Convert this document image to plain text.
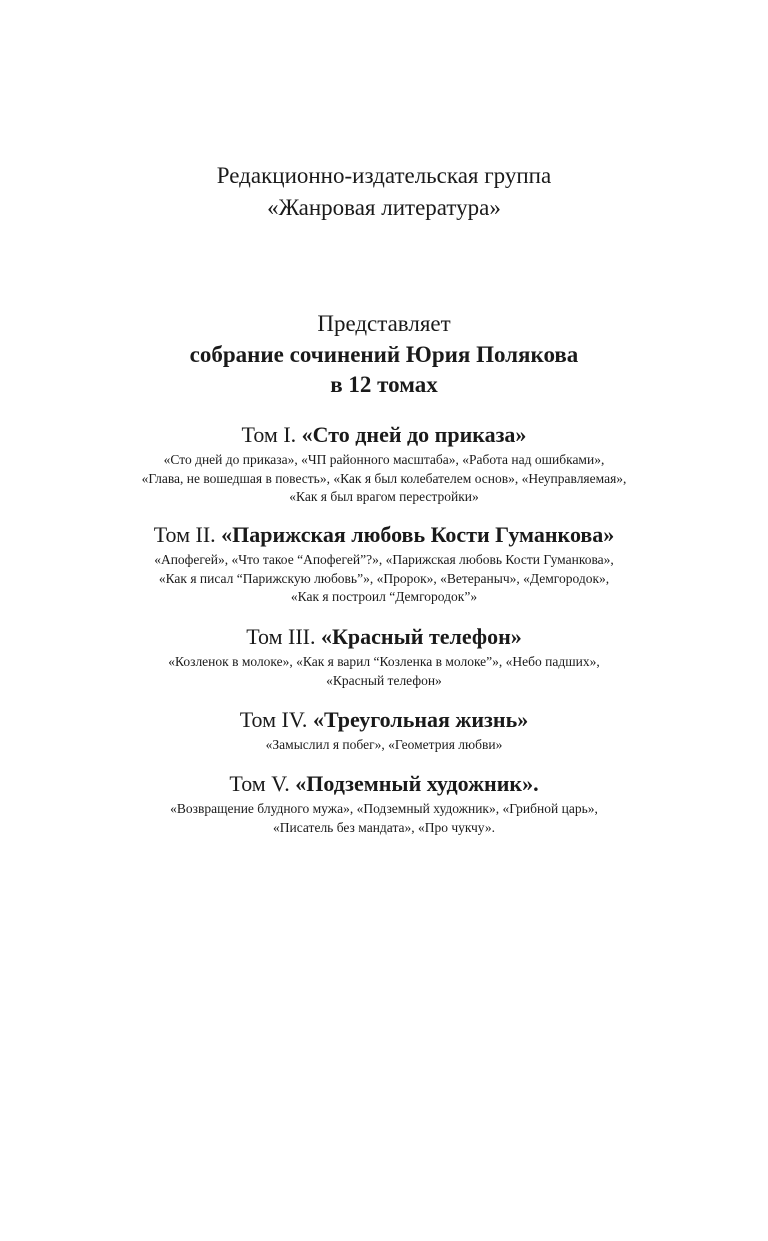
Редакционно-издательская группа
«Жанровая литература»
Представляет
собрание сочинений Юрия Полякова
в 12 томах
Том I. «Сто дней до приказа»
«Сто дней до приказа», «ЧП районного масштаба», «Работа над ошибками»,
«Глава, не вошедшая в повесть», «Как я был колебателем основ», «Неуправляемая»,
«Как я был врагом перестройки»
Том II. «Парижская любовь Кости Гуманкова»
«Апофегей», «Что такое “Апофегей”?», «Парижская любовь Кости Гуманкова»,
«Как я писал “Парижскую любовь”», «Пророк», «Ветераныч», «Демгородок»,
«Как я построил “Демгородок”»
Том III. «Красный телефон»
«Козленок в молоке», «Как я варил “Козленка в молоке”», «Небо падших»,
«Красный телефон»
Том IV. «Треугольная жизнь»
«Замыслил я побег», «Геометрия любви»
Том V. «Подземный художник».
«Возвращение блудного мужа», «Подземный художник», «Грибной царь»,
«Писатель без мандата», «Про чукчу».
